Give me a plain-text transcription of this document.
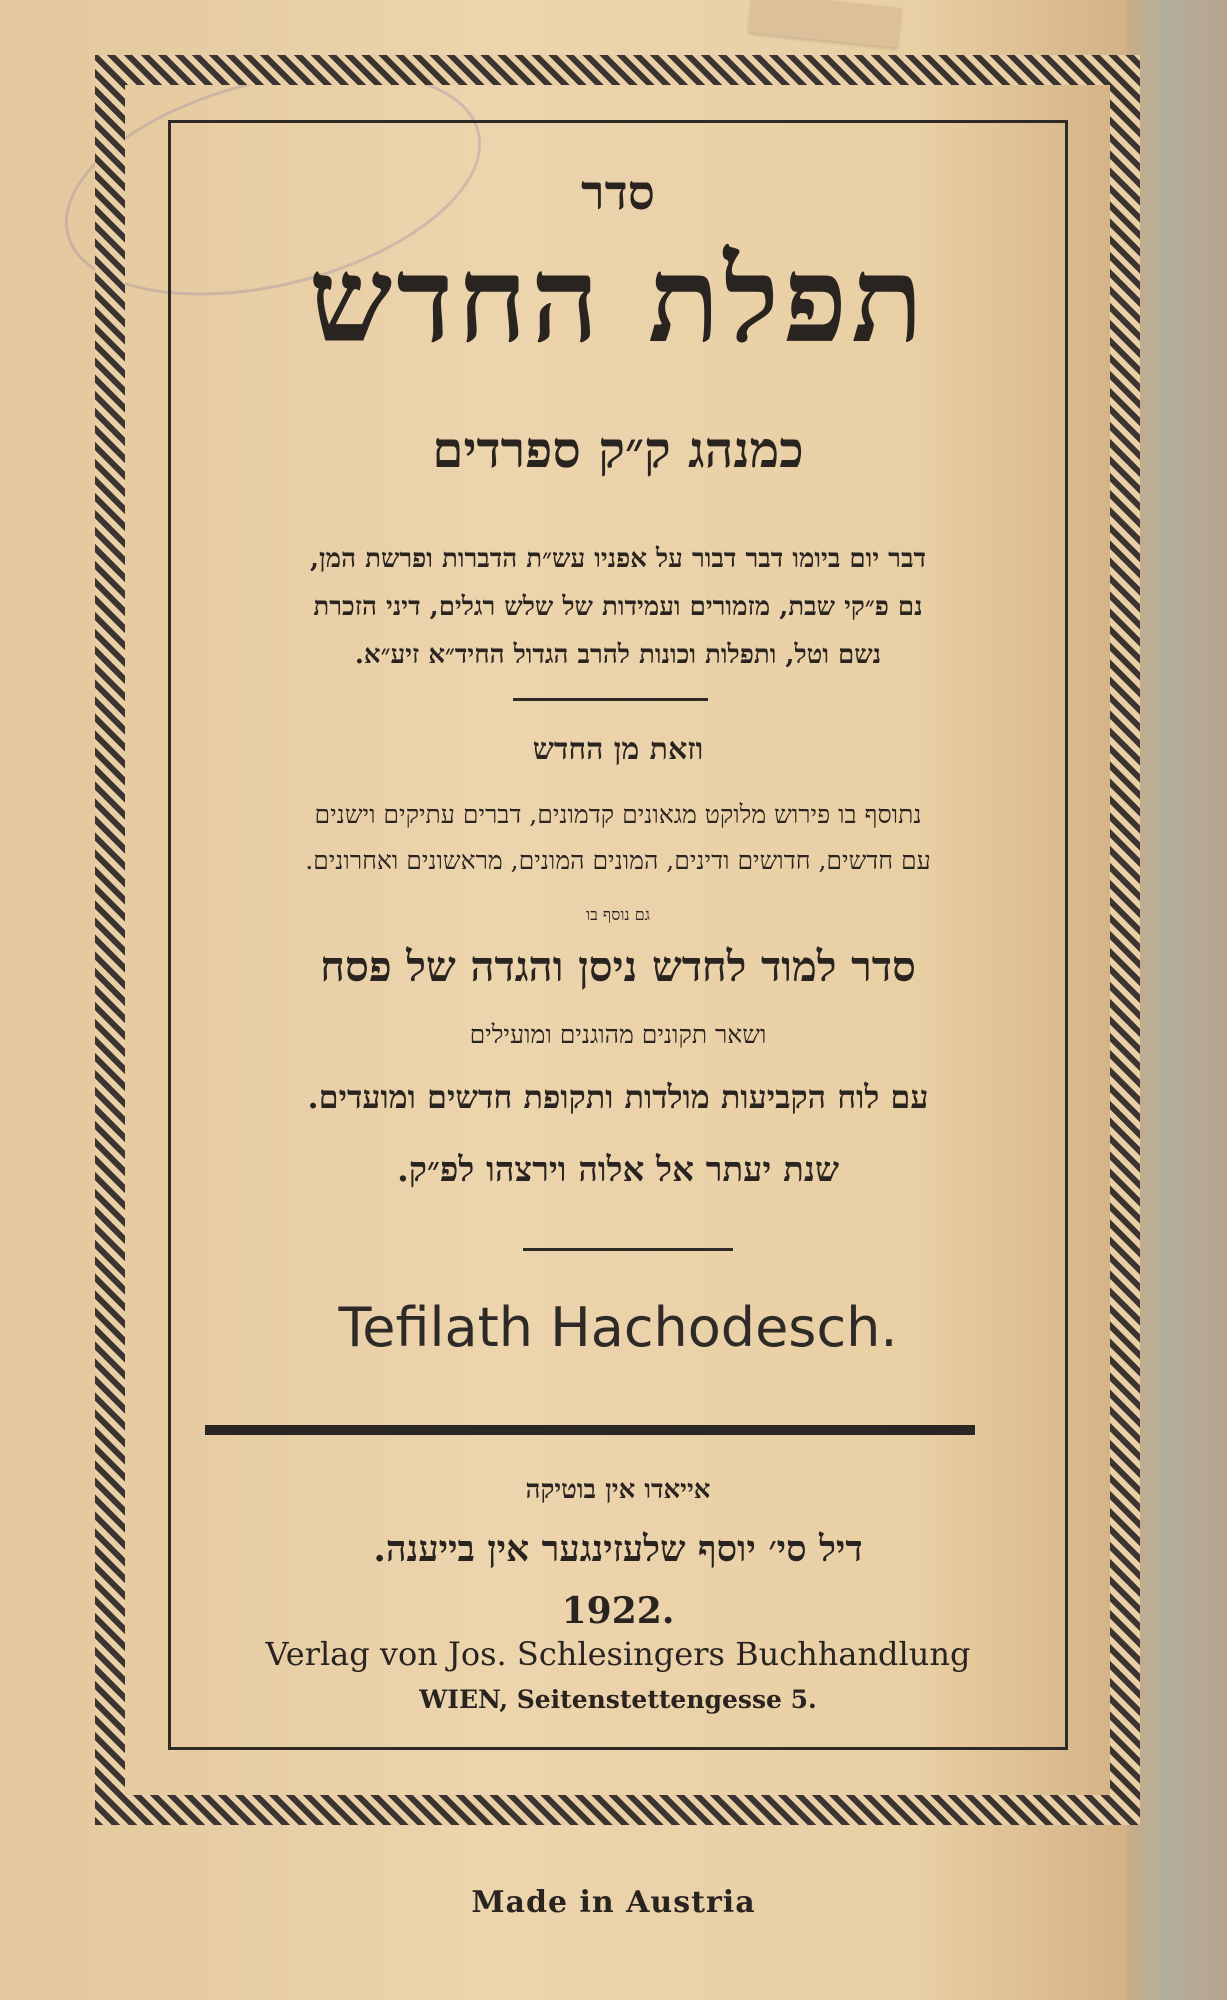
סדר

תפלת החדש

כמנהג ק״ק ספרדים

דבר יום ביומו דבר דבור על אפניו עש״ת הדברות ופרשת המן,

נם פ״קי שבת, מזמורים ועמידות של שלש רגלים, דיני הזכרת

נשם וטל, ותפלות וכונות להרב הגדול החיד״א זיע״א.

וזאת מן החדש

נתוסף בו פירוש מלוקט מגאונים קדמונים, דברים עתיקים וישנים

עם חדשים, חדושים ודינים, המונים המונים, מראשונים ואחרונים.

גם נוסף בו

סדר למוד לחדש ניסן והגדה של פסח

ושאר תקונים מהוגנים ומועילים

עם לוח הקביעות מולדות ותקופת חדשים ומועדים.

שנת יעתר אל אלוה וירצהו לפ״ק.

Tefilath Hachodesch.

אייאדו אין בוטיקה

דיל סי׳ יוסף שלעזינגער אין בייענה.

1922.

Verlag von Jos. Schlesingers Buchhandlung

WIEN, Seitenstettengesse 5.

Made in Austria
